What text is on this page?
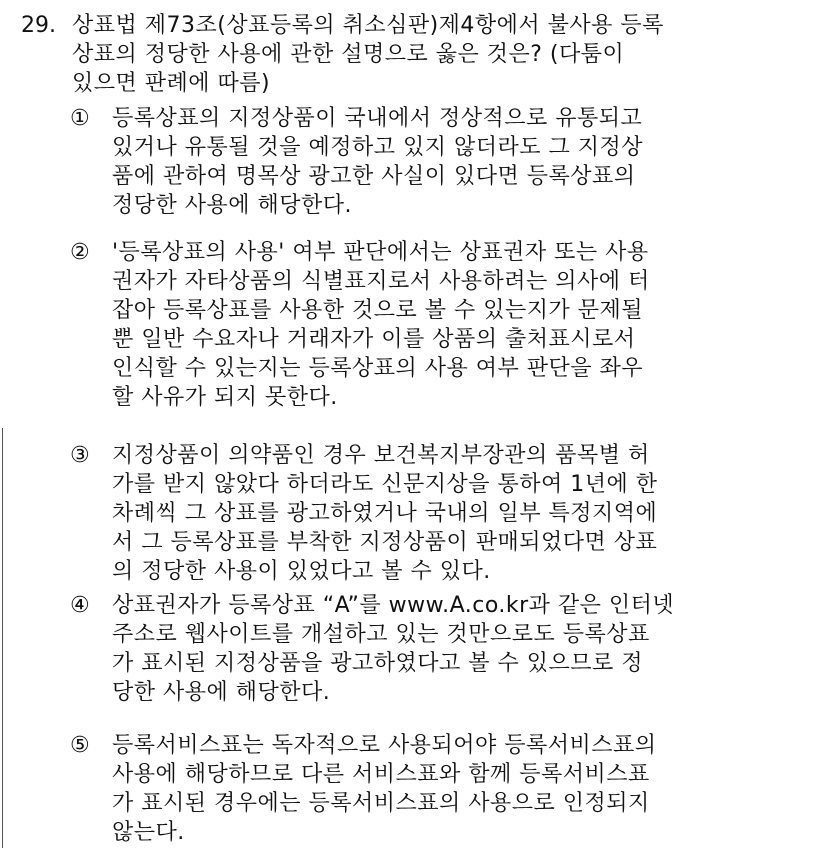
29. 상표법 제73조(상표등록의 취소심판)제4항에서 불사용 등록
상표의 정당한 사용에 관한 설명으로 옳은 것은? (다툼이
있으면 판례에 따름)
① 등록상표의 지정상품이 국내에서 정상적으로 유통되고
있거나 유통될 것을 예정하고 있지 않더라도 그 지정상
품에 관하여 명목상 광고한 사실이 있다면 등록상표의
정당한 사용에 해당한다.
② '등록상표의 사용' 여부 판단에서는 상표권자 또는 사용
권자가 자타상품의 식별표지로서 사용하려는 의사에 터
잡아 등록상표를 사용한 것으로 볼 수 있는지가 문제될
뿐 일반 수요자나 거래자가 이를 상품의 출처표시로서
인식할 수 있는지는 등록상표의 사용 여부 판단을 좌우
할 사유가 되지 못한다.
③ 지정상품이 의약품인 경우 보건복지부장관의 품목별 허
가를 받지 않았다 하더라도 신문지상을 통하여 1년에 한
차례씩 그 상표를 광고하였거나 국내의 일부 특정지역에
서 그 등록상표를 부착한 지정상품이 판매되었다면 상표
의 정당한 사용이 있었다고 볼 수 있다.
④ 상표권자가 등록상표 “A”를 www.A.co.kr과 같은 인터넷
주소로 웹사이트를 개설하고 있는 것만으로도 등록상표
가 표시된 지정상품을 광고하였다고 볼 수 있으므로 정
당한 사용에 해당한다.
⑤ 등록서비스표는 독자적으로 사용되어야 등록서비스표의
사용에 해당하므로 다른 서비스표와 함께 등록서비스표
가 표시된 경우에는 등록서비스표의 사용으로 인정되지
않는다.
